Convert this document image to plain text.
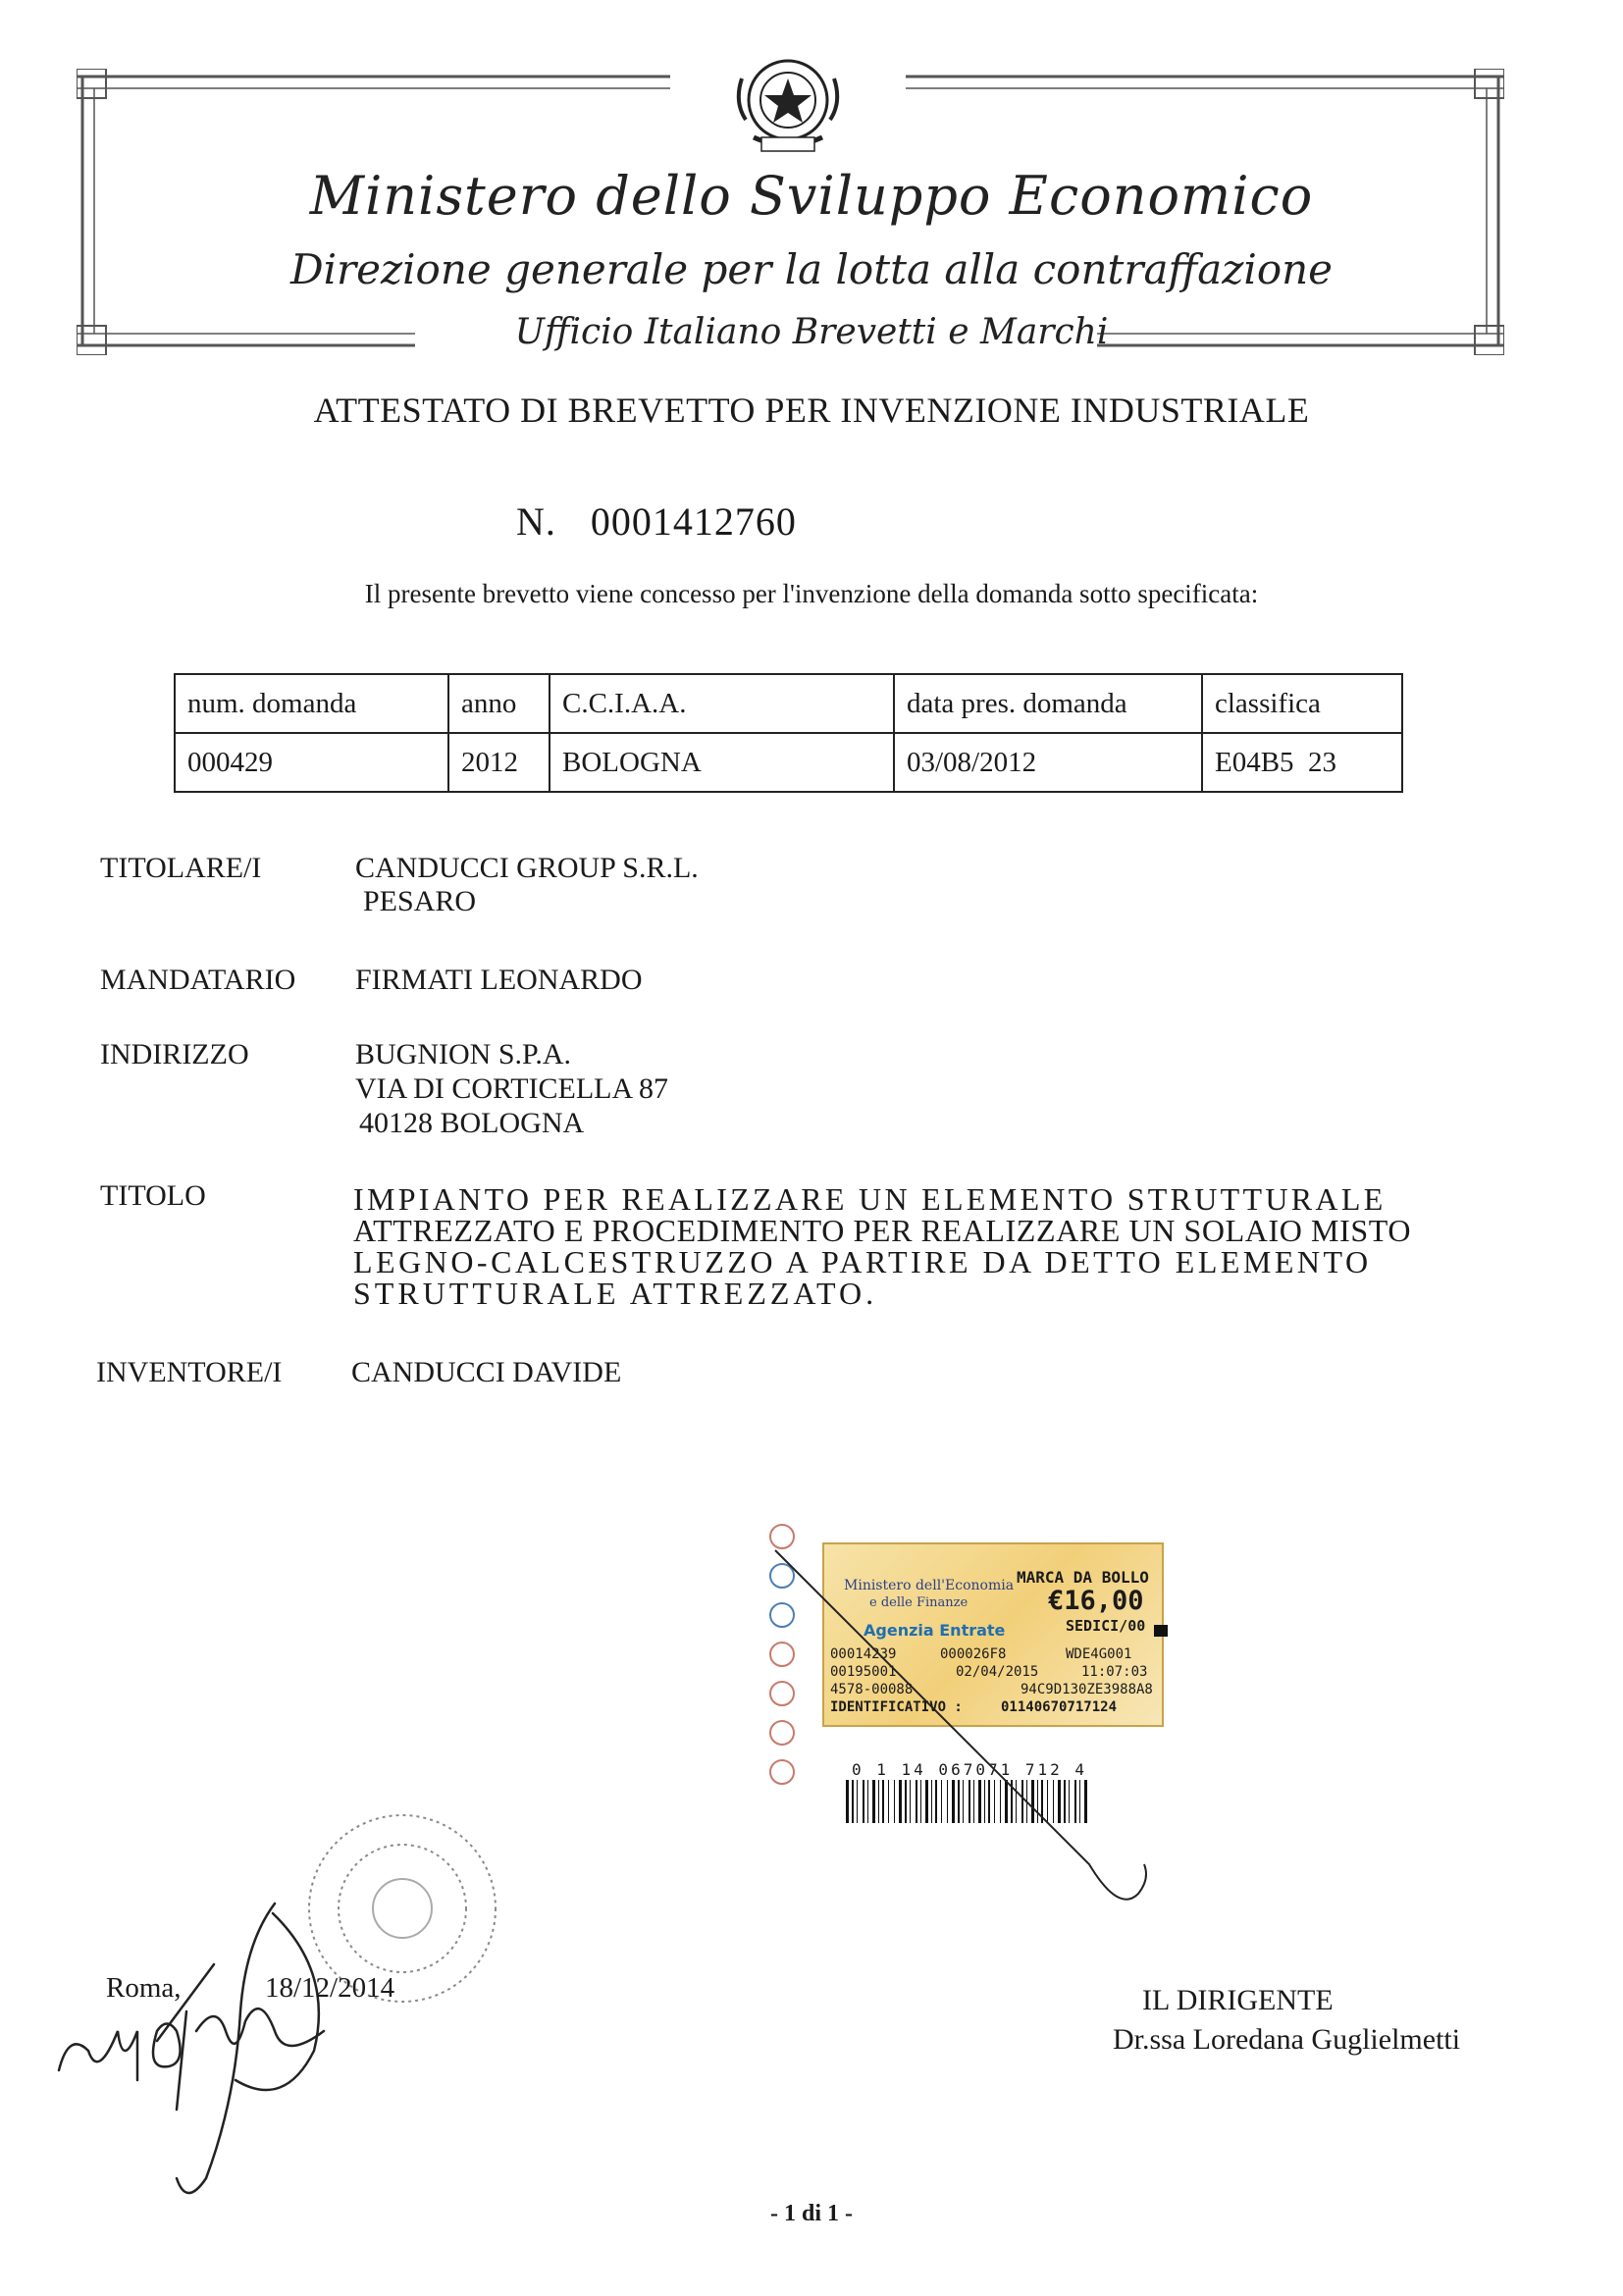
Ministero dello Sviluppo Economico
Direzione generale per la lotta alla contraffazione
Ufficio Italiano Brevetti e Marchi
ATTESTATO DI BREVETTO PER INVENZIONE INDUSTRIALE
N. 0001412760
Il presente brevetto viene concesso per l'invenzione della domanda sotto specificata:
num. domanda	anno	C.C.I.A.A.	data pres. domanda	classifica
000429	2012	BOLOGNA	03/08/2012	E04B5  23
TITOLARE/I	CANDUCCI GROUP S.R.L.
PESARO
MANDATARIO FIRMATI LEONARDO
INDIRIZZO	BUGNION S.P.A.
VIA DI CORTICELLA 87
40128 BOLOGNA
TITOLO	IMPIANTO PER REALIZZARE UN ELEMENTO STRUTTURALE
ATTREZZATO E PROCEDIMENTO PER REALIZZARE UN SOLAIO MISTO
LEGNO-CALCESTRUZZO A PARTIRE DA DETTO ELEMENTO
STRUTTURALE ATTREZZATO.
INVENTORE/I CANDUCCI DAVIDE
Ministero dell'Economia
e delle Finanze
MARCA DA BOLLO
€16,00
SEDICI/00
Agenzia Entrate
00014239	000026F8	WDE4G001
00195001	02/04/2015	11:07:03
4578-00088	94C9D130ZE3988A8
IDENTIFICATIVO :	01140670717124
0 1 14 067071 712 4
Roma,	18/12/2014	IL DIRIGENTE
Dr.ssa Loredana Guglielmetti
- 1 di 1 -
